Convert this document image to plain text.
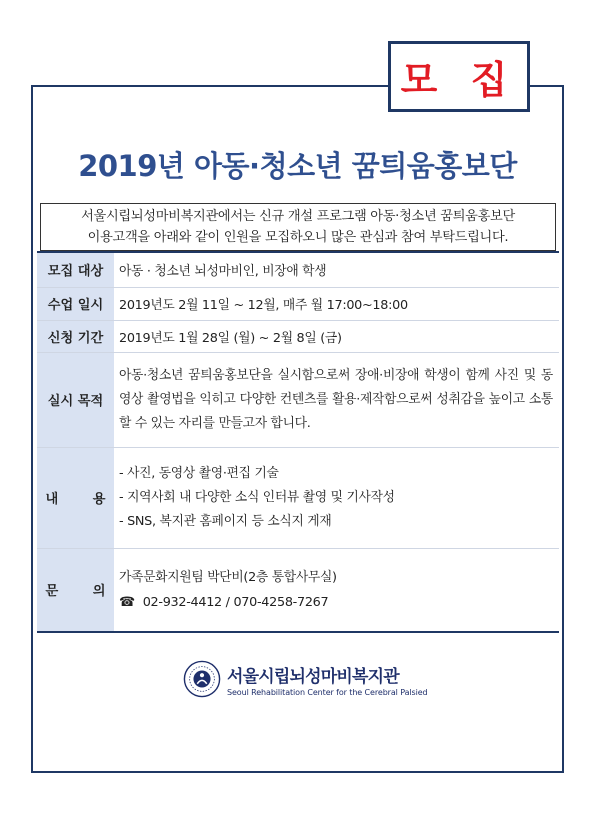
모 집
2019년 아동·청소년 꿈틔움홍보단
서울시립뇌성마비복지관에서는 신규 개설 프로그램 아동·청소년 꿈틔움홍보단
이용고객을 아래와 같이 인원을 모집하오니 많은 관심과 참여 부탁드립니다.
모집 대상	아동 · 청소년 뇌성마비인, 비장애 학생
수업 일시	2019년도 2월 11일 ~ 12월, 매주 월 17:00~18:00
신청 기간	2019년도 1월 28일 (월) ~ 2월 8일 (금)
실시 목적	아동·청소년 꿈틔움홍보단을 실시함으로써 장애·비장애 학생이 함께 사진 및 동영상 촬영법을 익히고 다양한 컨텐츠를 활용·제작함으로써 성취감을 높이고 소통할 수 있는 자리를 만들고자 합니다.

내 용	- 사진, 동영상 촬영·편집 기술
- 지역사회 내 다양한 소식 인터뷰 촬영 및 기사작성
- SNS, 복지관 홈페이지 등 소식지 게재

문 의	가족문화지원팀 박단비(2층 통합사무실)
☎ 02-932-4412 / 070-4258-7267
서울시립뇌성마비복지관
Seoul Rehabilitation Center for the Cerebral Palsied
